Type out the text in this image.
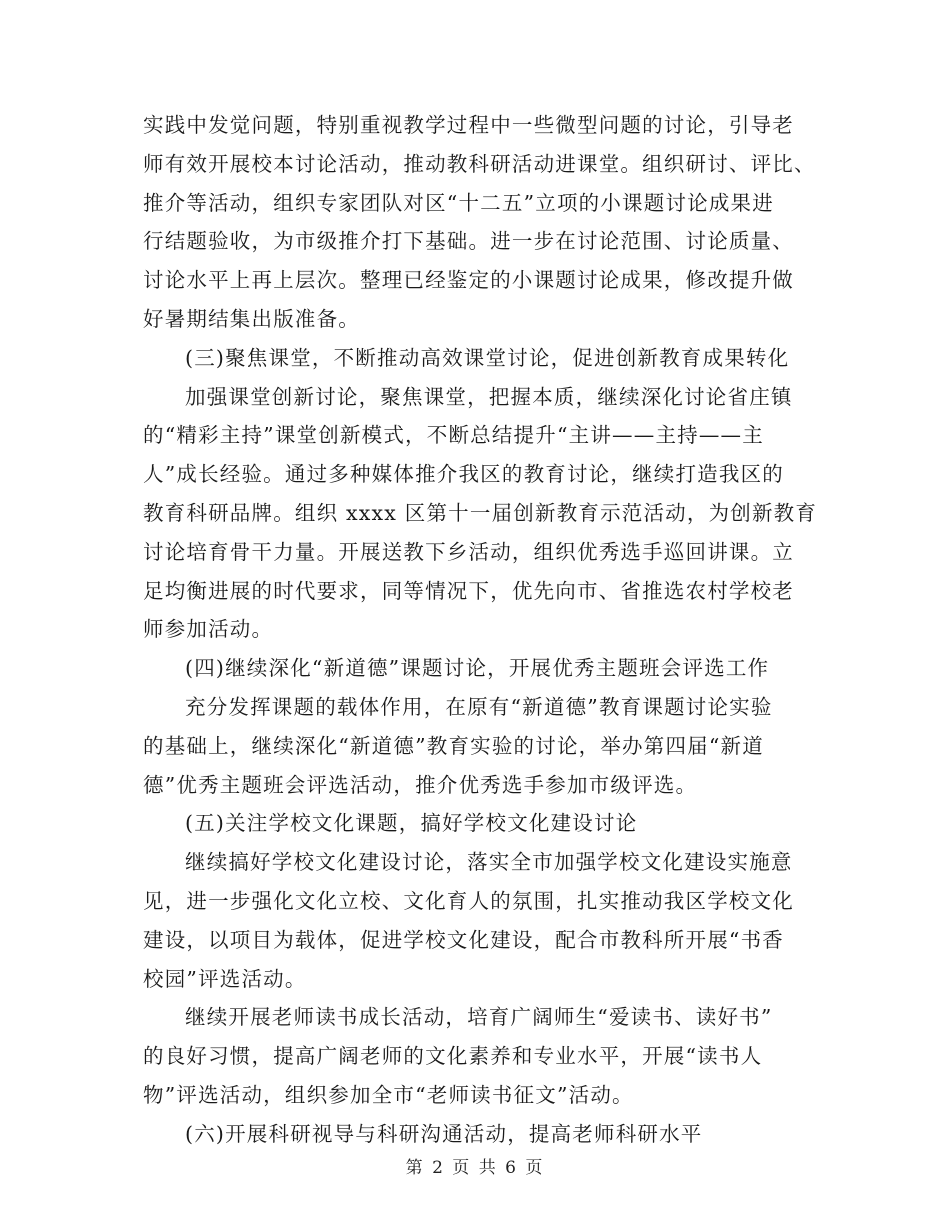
实践中发觉问题，特别重视教学过程中一些微型问题的讨论，引导老
师有效开展校本讨论活动，推动教科研活动进课堂。组织研讨、评比、
推介等活动，组织专家团队对区“十二五”立项的小课题讨论成果进
行结题验收，为市级推介打下基础。进一步在讨论范围、讨论质量、
讨论水平上再上层次。整理已经鉴定的小课题讨论成果，修改提升做
好暑期结集出版准备。
(三)聚焦课堂，不断推动高效课堂讨论，促进创新教育成果转化
加强课堂创新讨论，聚焦课堂，把握本质，继续深化讨论省庄镇
的“精彩主持”课堂创新模式，不断总结提升“主讲——主持——主
人”成长经验。通过多种媒体推介我区的教育讨论，继续打造我区的
教育科研品牌。组织 xxxx 区第十一届创新教育示范活动，为创新教育
讨论培育骨干力量。开展送教下乡活动，组织优秀选手巡回讲课。立
足均衡进展的时代要求，同等情况下，优先向市、省推选农村学校老
师参加活动。
(四)继续深化“新道德”课题讨论，开展优秀主题班会评选工作
充分发挥课题的载体作用，在原有“新道德”教育课题讨论实验
的基础上，继续深化“新道德”教育实验的讨论，举办第四届“新道
德”优秀主题班会评选活动，推介优秀选手参加市级评选。
(五)关注学校文化课题，搞好学校文化建设讨论
继续搞好学校文化建设讨论，落实全市加强学校文化建设实施意
见，进一步强化文化立校、文化育人的氛围，扎实推动我区学校文化
建设，以项目为载体，促进学校文化建设，配合市教科所开展“书香
校园”评选活动。
继续开展老师读书成长活动，培育广阔师生“爱读书、读好书”
的良好习惯，提高广阔老师的文化素养和专业水平，开展“读书人
物”评选活动，组织参加全市“老师读书征文”活动。
(六)开展科研视导与科研沟通活动，提高老师科研水平
第 2 页 共 6 页
